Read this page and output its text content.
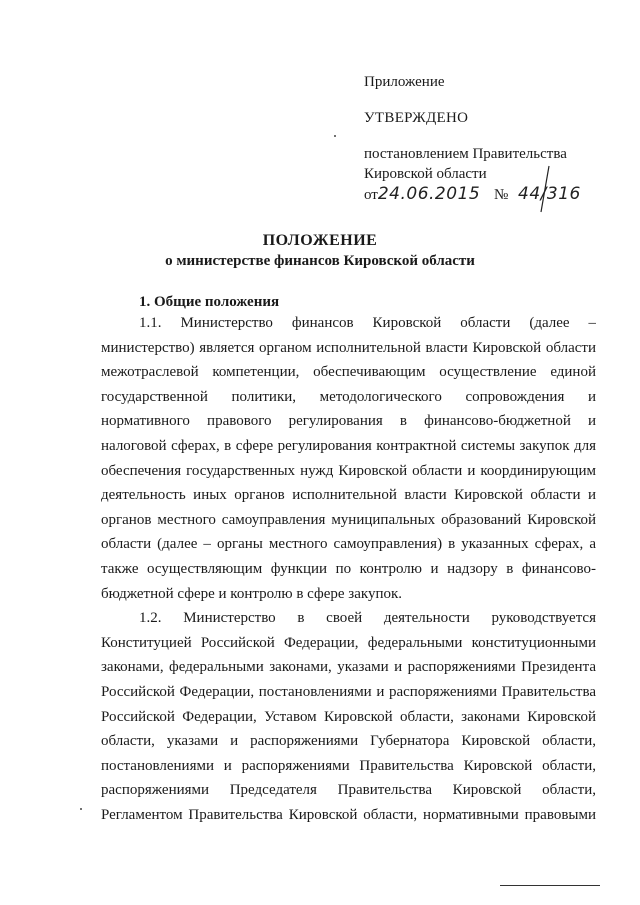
Приложение
УТВЕРЖДЕНО
постановлением Правительства
Кировской области
от24.06.2015 № 44/316
ПОЛОЖЕНИЕ
о министерстве финансов Кировской области
1. Общие положения
1.1. Министерство финансов Кировской области (далее –
министерство) является органом исполнительной власти Кировской области
межотраслевой компетенции, обеспечивающим осуществление единой
государственной политики, методологического сопровождения и
нормативного правового регулирования в финансово-бюджетной и
налоговой сферах, в сфере регулирования контрактной системы закупок для
обеспечения государственных нужд Кировской области и координирующим
деятельность иных органов исполнительной власти Кировской области и
органов местного самоуправления муниципальных образований Кировской
области (далее – органы местного самоуправления) в указанных сферах, а
также осуществляющим функции по контролю и надзору в финансово-
бюджетной сфере и контролю в сфере закупок.
1.2. Министерство в своей деятельности руководствуется
Конституцией Российской Федерации, федеральными конституционными
законами, федеральными законами, указами и распоряжениями Президента
Российской Федерации, постановлениями и распоряжениями Правительства
Российской Федерации, Уставом Кировской области, законами Кировской
области, указами и распоряжениями Губернатора Кировской области,
постановлениями и распоряжениями Правительства Кировской области,
распоряжениями Председателя Правительства Кировской области,
Регламентом Правительства Кировской области, нормативными правовыми
